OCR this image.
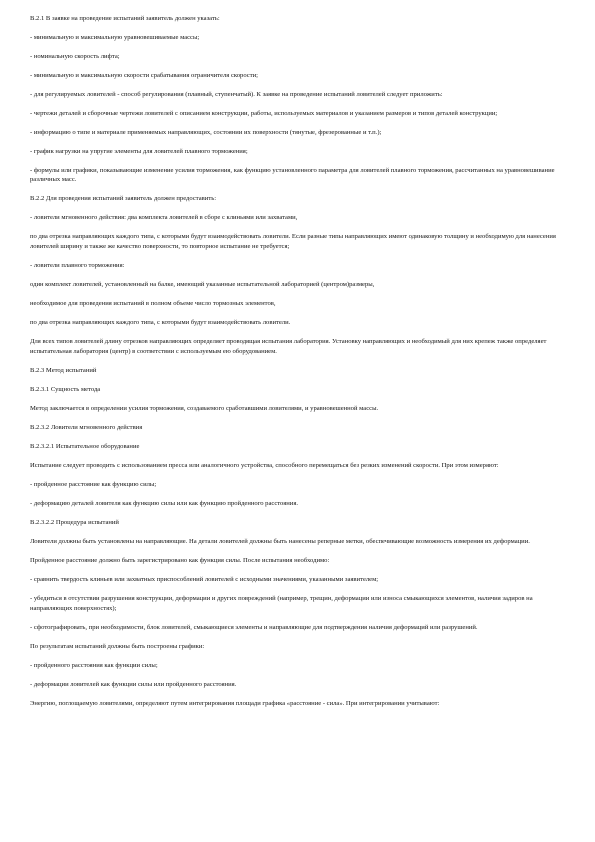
В.2.1 В заявке на проведение испытаний заявитель должен указать:

- минимальную и максимальную уравновешиваемые массы;

- номинальную скорость лифта;

- минимальную и максимальную скорости срабатывания ограничителя скорости;

- для регулируемых ловителей - способ регулирования (плавный, ступенчатый). К заявке на проведение испытаний ловителей следует приложить:

- чертежи деталей и сборочные чертежи ловителей с описанием конструкции, работы, используемых материалов и указанием размеров и типов деталей конструкции;

- информацию о типе и материале применяемых направляющих, состоянии их поверхности (тянутые, фрезерованные и т.п.);

- график нагрузки на упругие элементы для ловителей плавного торможения;

- формулы или графики, показывающие изменение усилия торможения, как функцию установленного параметра для ловителей плавного торможения, рассчитанных на уравновешивание различных масс.

В.2.2 Для проведения испытаний заявитель должен предоставить:

- ловители мгновенного действия: два комплекта ловителей в сборе с клиньями или захватами,

по два отрезка направляющих каждого типа, с которыми будут взаимодействовать ловители. Если разные типы направляющих имеют одинаковую толщину и необходимую для нанесения ловителей ширину и также же качество поверхности, то повторное испытание не требуется;

- ловители плавного торможения:

один комплект ловителей, установленный на балке, имеющий указанные испытательной лабораторией (центром)размеры,

необходимое для проведения испытаний в полном объеме число тормозных элементов,

по два отрезка направляющих каждого типа, с которыми будут взаимодействовать ловители.

Для всех типов ловителей длину отрезков направляющих определяет проводящая испытания лаборатория. Установку направляющих и необходимый для них крепеж также определяет испытательная лаборатория (центр) в соответствии с используемым ею оборудованием.

В.2.3 Метод испытаний

В.2.3.1 Сущность метода

Метод заключается в определении усилия торможения, создаваемого сработавшими ловителями, и уравновешенной массы.

В.2.3.2 Ловители мгновенного действия

В.2.3.2.1 Испытательное оборудование

Испытание следует проводить с использованием пресса или аналогичного устройства, способного перемещаться без резких изменений скорости. При этом измеряют:

- пройденное расстояние как функцию силы;

- деформацию деталей ловителя как функцию силы или как функцию пройденного расстояния.

В.2.3.2.2 Процедура испытаний

Ловители должны быть установлены на направляющие. На детали ловителей должны быть нанесены реперные метки, обеспечивающие возможность измерения их деформации.

Пройденное расстояние должно быть зарегистрировано как функция силы. После испытания необходимо:

- сравнить твердость клиньев или захватных приспособлений ловителей с исходными значениями, указанными заявителем;

- убедиться в отсутствии разрушения конструкции, деформации и других повреждений (например, трещин, деформации или износа смыкающихся элементов, наличия задиров на направляющих поверхностях);

- сфотографировать, при необходимости, блок ловителей, смыкающиеся элементы и направляющие для подтверждения наличия деформаций или разрушений.

По результатам испытаний должны быть построены графики:

- пройденного расстояния как функции силы;

- деформации ловителей как функции силы или пройденного расстояния.

Энергию, поглощаемую ловителями, определяют путем интегрирования площади графика «расстояние - сила». При интегрировании учитывают:
